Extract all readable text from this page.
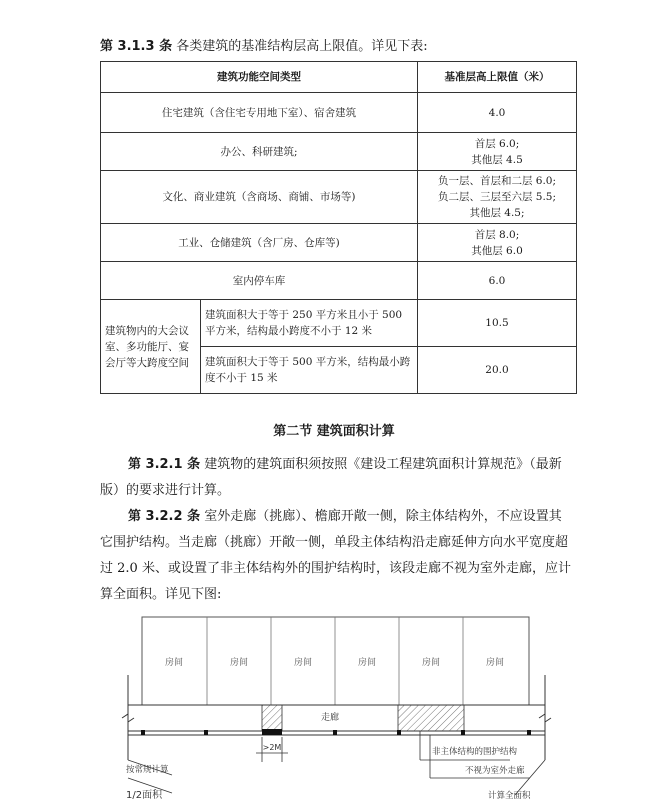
第 3.1.3 条 各类建筑的基准结构层高上限值。详见下表:
建筑功能空间类型		基准层高上限值（米）
住宅建筑（含住宅专用地下室）、宿舍建筑		4.0

办公、科研建筑;		首层 6.0;
其他层 4.5

文化、商业建筑（含商场、商铺、市场等)		负一层、首层和二层 6.0;
负二层、三层至六层 5.5;
其他层 4.5;

工业、仓储建筑（含厂房、仓库等)		首层 8.0;
其他层 6.0

室内停车库		6.0

建筑物内的大会议室、多功能厅、宴会厅等大跨度空间	建筑面积大于等于 250 平方米且小于 500 平方米，结构最小跨度不小于 12 米	10.5
	建筑面积大于等于 500 平方米，结构最小跨度不小于 15 米	20.0
第二节 建筑面积计算
第 3.2.1 条 建筑物的建筑面积须按照《建设工程建筑面积计算规范》（最新版）的要求进行计算。
第 3.2.2 条 室外走廊（挑廊）、檐廊开敞一侧，除主体结构外，不应设置其它围护结构。当走廊（挑廊）开敞一侧，单段主体结构沿走廊延伸方向水平宽度超过 2.0 米、或设置了非主体结构外的围护结构时，该段走廊不视为室外走廊，应计算全面积。详见下图:
房间	房间	房间	房间	房间	房间
走廊
>2M	非主体结构的围护结构
不视为室外走廊
按常规计算
1/2面积	计算全面积
